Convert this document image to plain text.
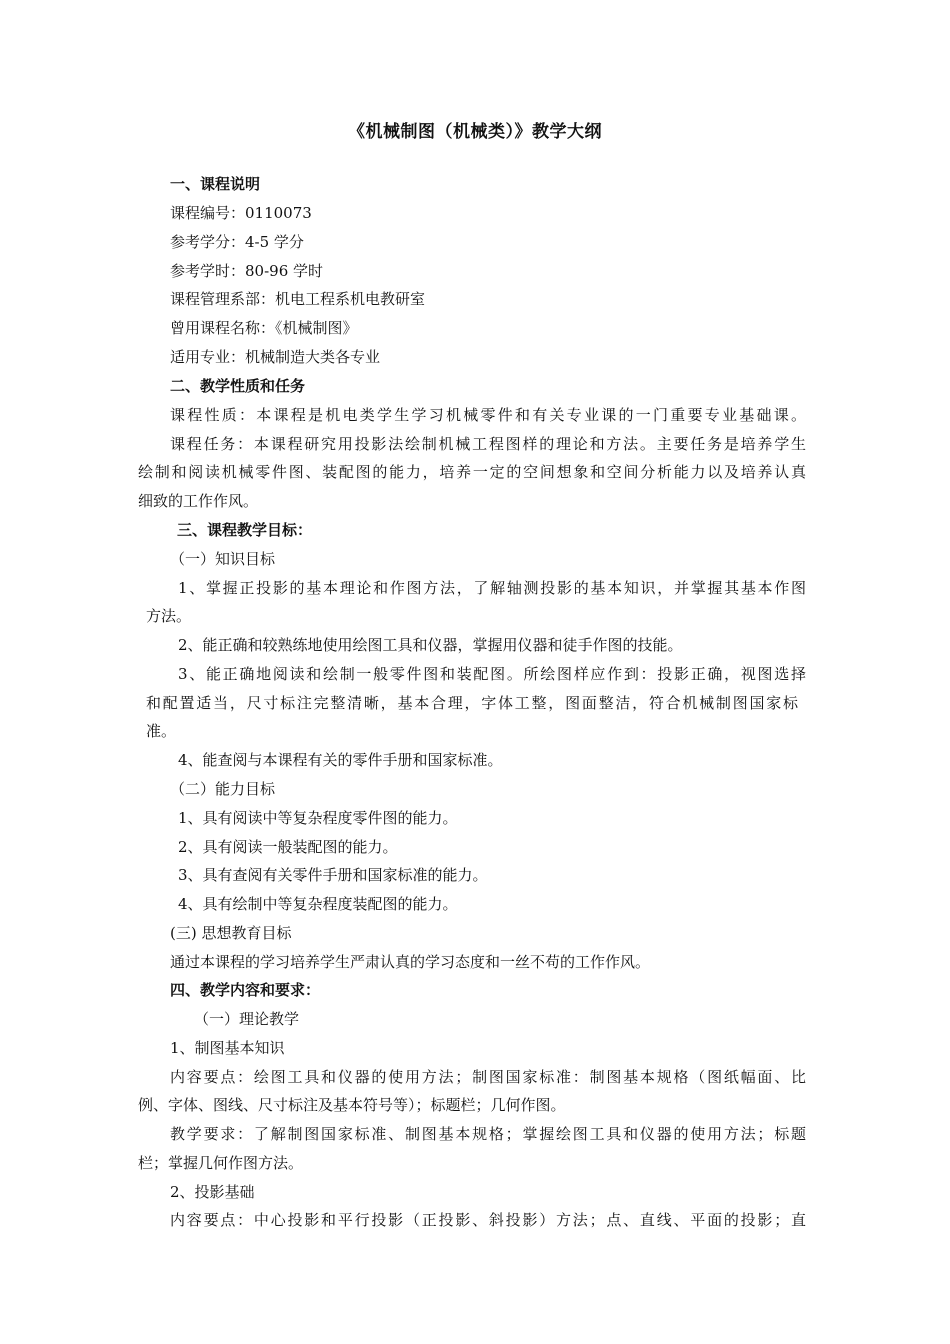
《机械制图（机械类）》教学大纲
一、课程说明
课程编号：0110073
参考学分：4-5 学分
参考学时：80-96 学时
课程管理系部：机电工程系机电教研室
曾用课程名称：《机械制图》
适用专业：机械制造大类各专业
二、教学性质和任务
课程性质：本课程是机电类学生学习机械零件和有关专业课的一门重要专业基础课。
课程任务：本课程研究用投影法绘制机械工程图样的理论和方法。主要任务是培养学生
绘制和阅读机械零件图、装配图的能力，培养一定的空间想象和空间分析能力以及培养认真
细致的工作作风。
三、课程教学目标：
（一）知识目标
1、掌握正投影的基本理论和作图方法，了解轴测投影的基本知识，并掌握其基本作图
方法。
2、能正确和较熟练地使用绘图工具和仪器，掌握用仪器和徒手作图的技能。
3、能正确地阅读和绘制一般零件图和装配图。所绘图样应作到：投影正确，视图选择
和配置适当，尺寸标注完整清晰，基本合理，字体工整，图面整洁，符合机械制图国家标
准。
4、能查阅与本课程有关的零件手册和国家标准。
（二）能力目标
1、具有阅读中等复杂程度零件图的能力。
2、具有阅读一般装配图的能力。
3、具有查阅有关零件手册和国家标准的能力。
4、具有绘制中等复杂程度装配图的能力。
(三) 思想教育目标
通过本课程的学习培养学生严肃认真的学习态度和一丝不苟的工作作风。
四、教学内容和要求：
（一）理论教学
1、制图基本知识
内容要点：绘图工具和仪器的使用方法；制图国家标准：制图基本规格（图纸幅面、比
例、字体、图线、尺寸标注及基本符号等）；标题栏；几何作图。
教学要求：了解制图国家标准、制图基本规格；掌握绘图工具和仪器的使用方法；标题
栏；掌握几何作图方法。
2、投影基础
内容要点：中心投影和平行投影（正投影、斜投影）方法；点、直线、平面的投影；直
